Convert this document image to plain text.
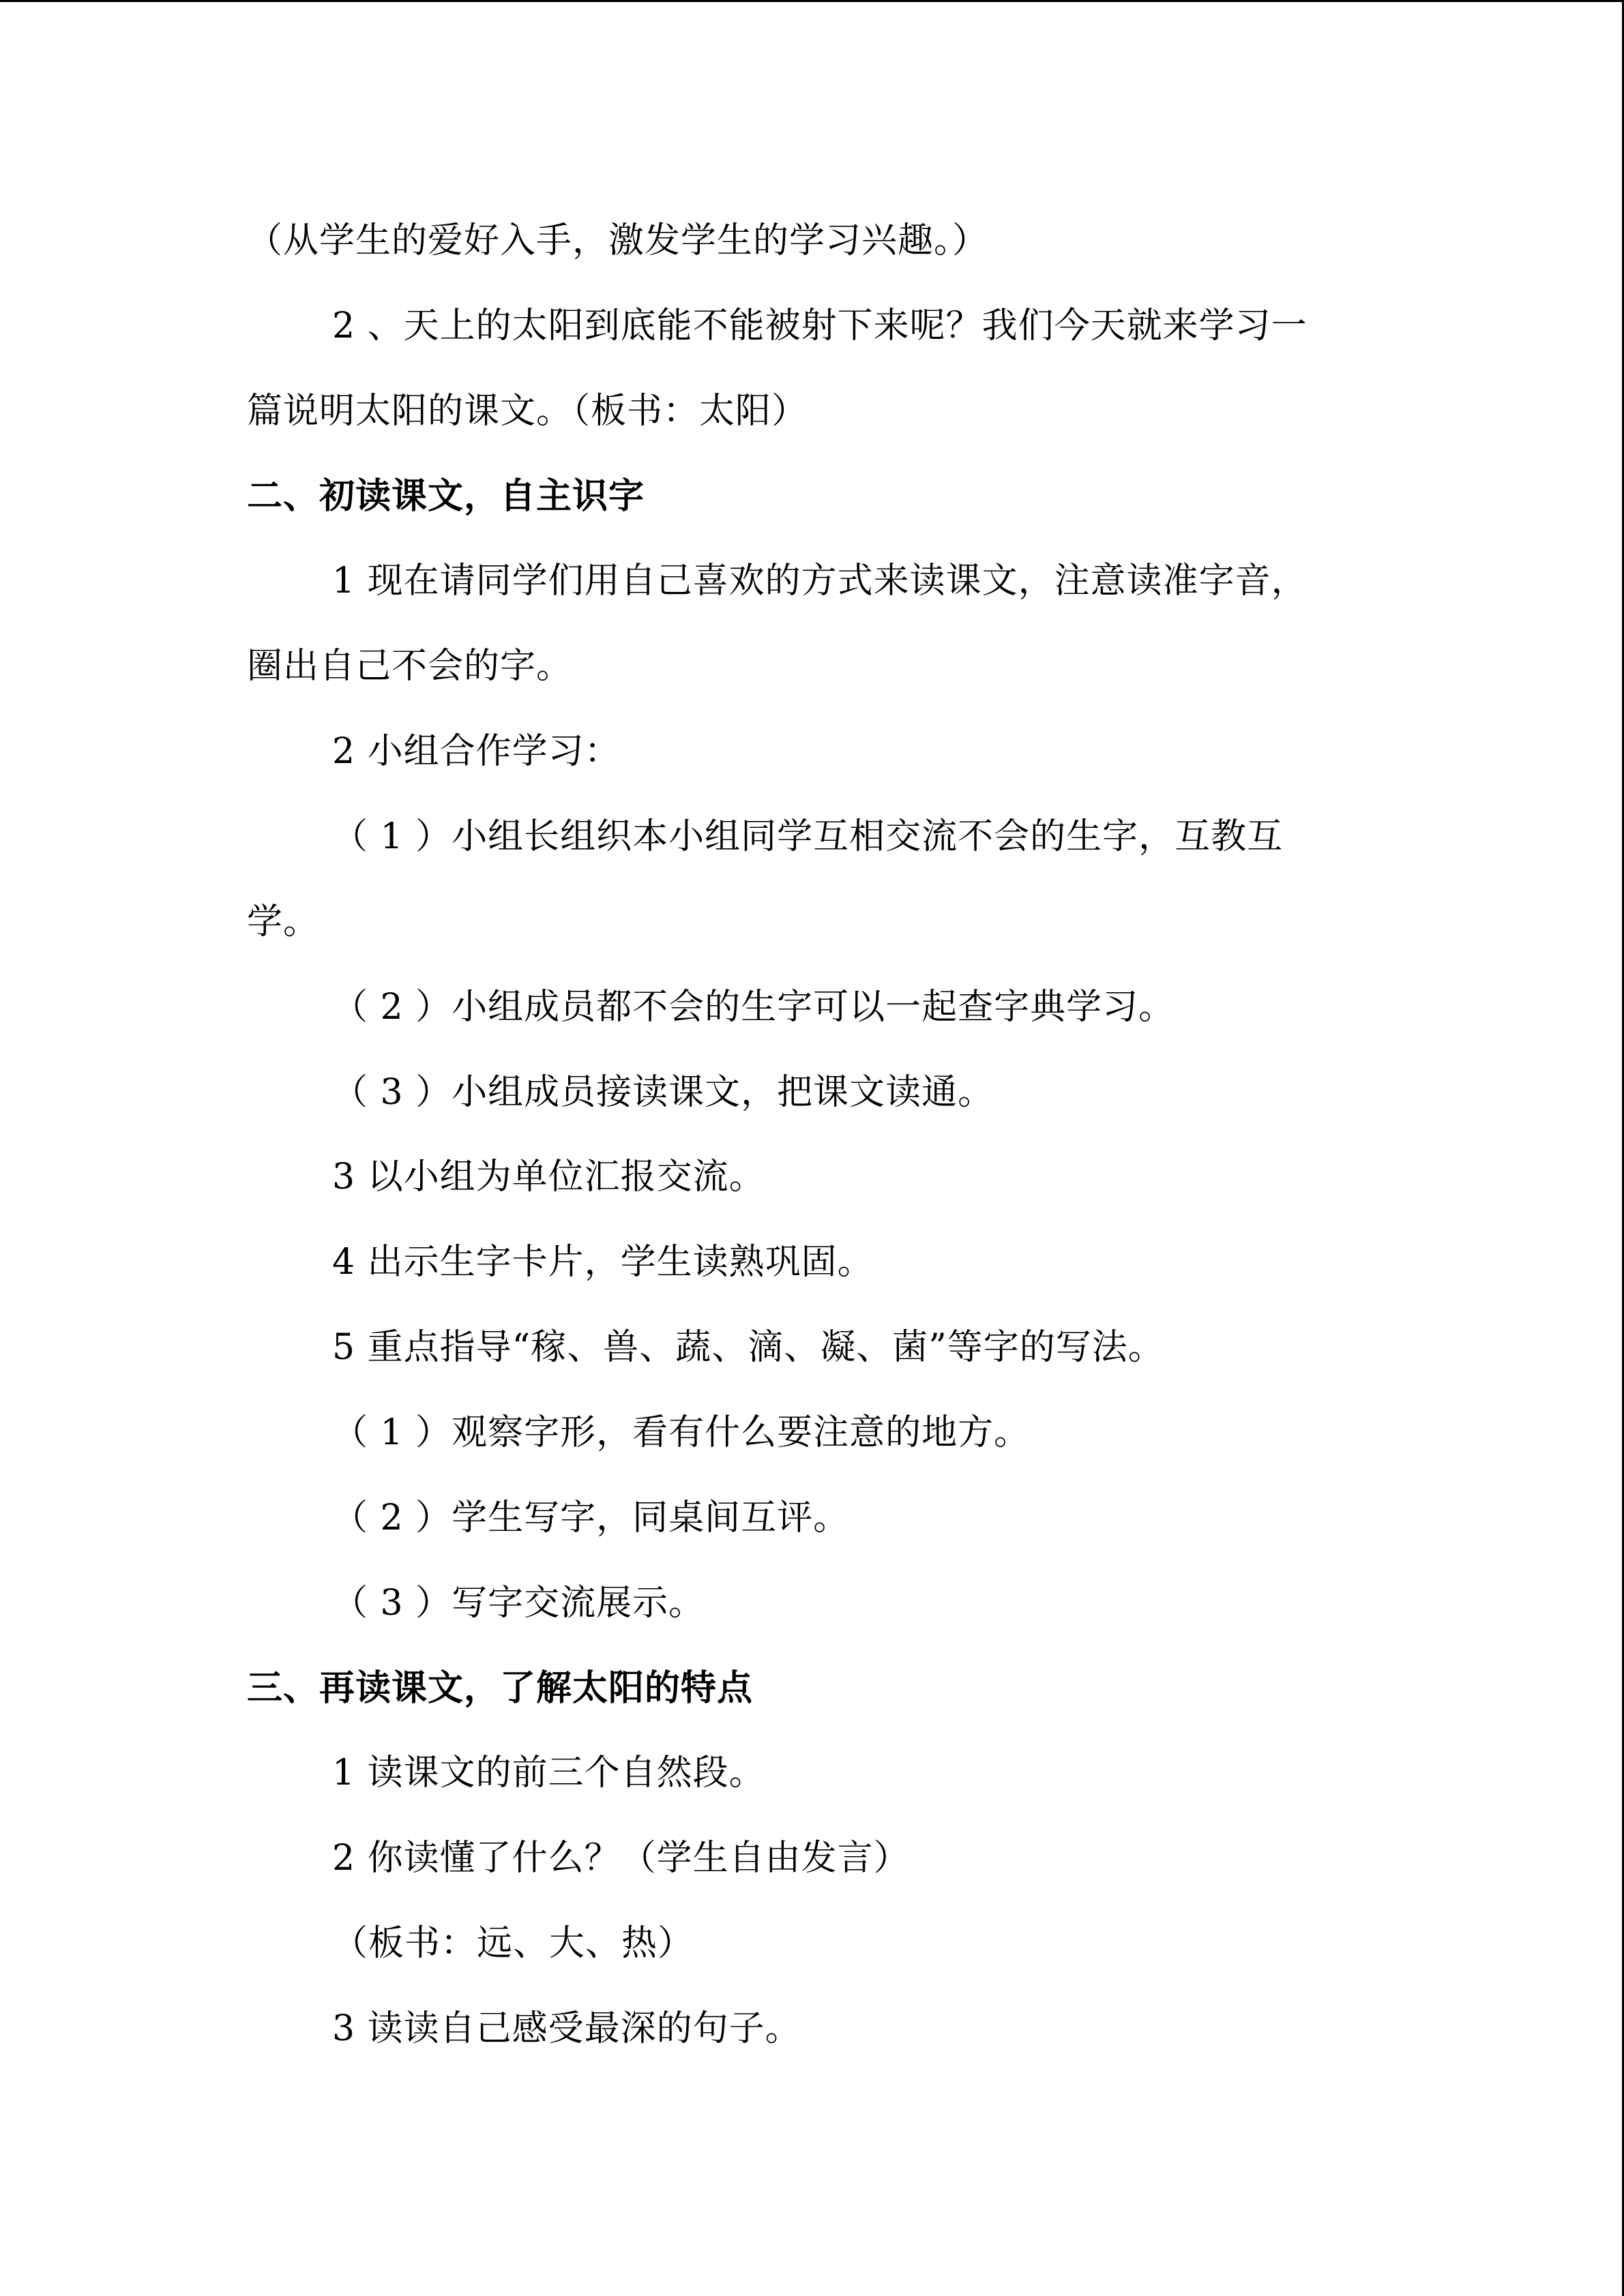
（从学生的爱好入手，激发学生的学习兴趣。）
2 、天上的太阳到底能不能被射下来呢？我们今天就来学习一
篇说明太阳的课文。（板书：太阳）
二、初读课文，自主识字
1 现在请同学们用自己喜欢的方式来读课文，注意读准字音，
圈出自己不会的字。
2 小组合作学习：
（ 1 ）小组长组织本小组同学互相交流不会的生字，互教互
学。
（ 2 ）小组成员都不会的生字可以一起查字典学习。
（ 3 ）小组成员接读课文，把课文读通。
3 以小组为单位汇报交流。
4 出示生字卡片，学生读熟巩固。
5 重点指导“稼、兽、蔬、滴、凝、菌”等字的写法。
（ 1 ）观察字形，看有什么要注意的地方。
（ 2 ）学生写字，同桌间互评。
（ 3 ）写字交流展示。
三、再读课文，了解太阳的特点
1 读课文的前三个自然段。
2 你读懂了什么？（学生自由发言）
（板书：远、大、热）
3 读读自己感受最深的句子。
